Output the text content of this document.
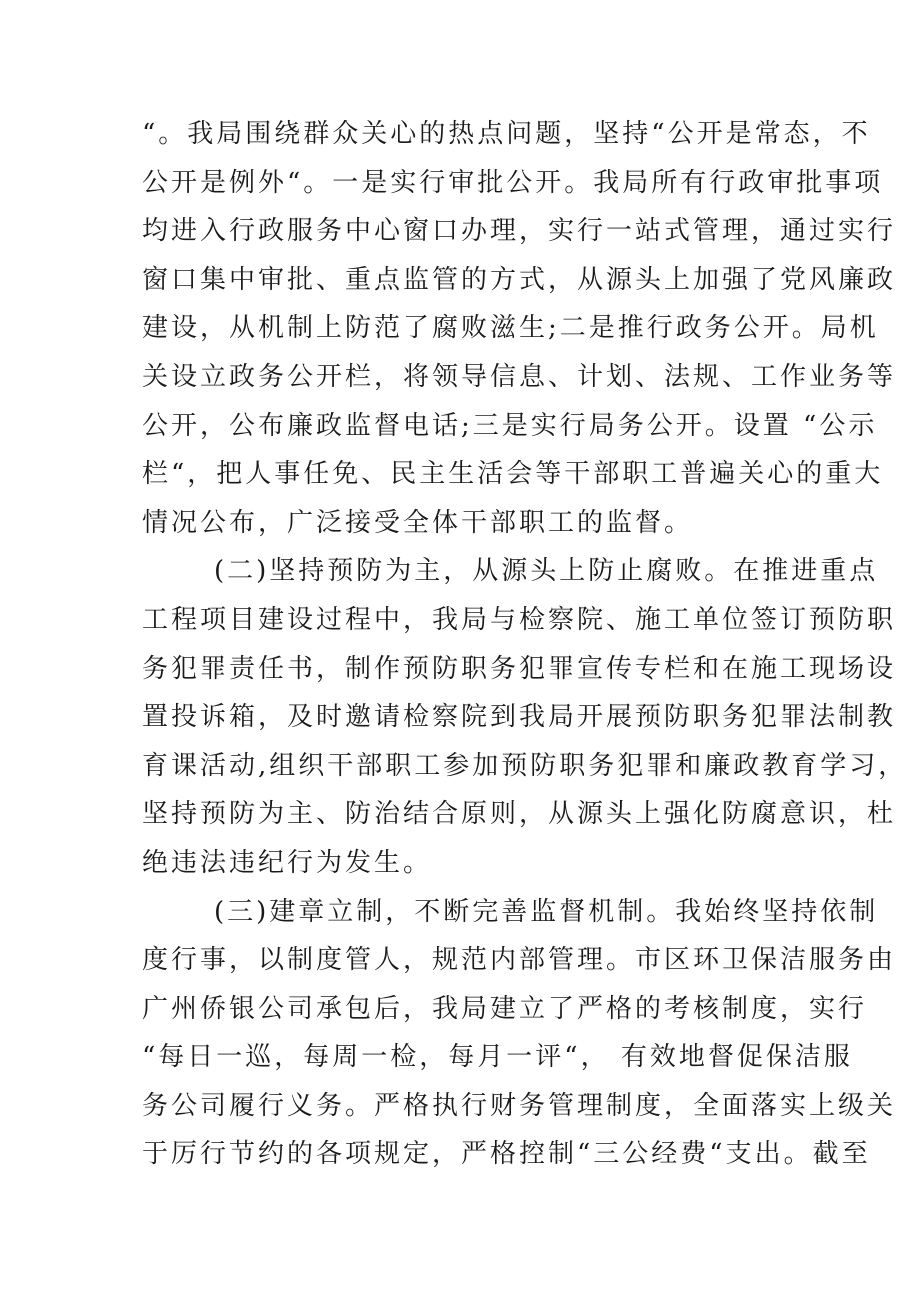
“。我局围绕群众关心的热点问题，坚持“公开是常态，不
公开是例外“。一是实行审批公开。我局所有行政审批事项
均进入行政服务中心窗口办理，实行一站式管理，通过实行
窗口集中审批、重点监管的方式，从源头上加强了党风廉政
建设，从机制上防范了腐败滋生;二是推行政务公开。局机
关设立政务公开栏，将领导信息、计划、法规、工作业务等
公开，公布廉政监督电话;三是实行局务公开。设置 “公示
栏“，把人事任免、民主生活会等干部职工普遍关心的重大
情况公布，广泛接受全体干部职工的监督。
(二)坚持预防为主，从源头上防止腐败。在推进重点
工程项目建设过程中，我局与检察院、施工单位签订预防职
务犯罪责任书，制作预防职务犯罪宣传专栏和在施工现场设
置投诉箱，及时邀请检察院到我局开展预防职务犯罪法制教
育课活动,组织干部职工参加预防职务犯罪和廉政教育学习，
坚持预防为主、防治结合原则，从源头上强化防腐意识，杜
绝违法违纪行为发生。
(三)建章立制，不断完善监督机制。我始终坚持依制
度行事，以制度管人，规范内部管理。市区环卫保洁服务由
广州侨银公司承包后，我局建立了严格的考核制度，实行
“每日一巡，每周一检，每月一评“， 有效地督促保洁服
务公司履行义务。严格执行财务管理制度，全面落实上级关
于厉行节约的各项规定，严格控制“三公经费“支出。截至
